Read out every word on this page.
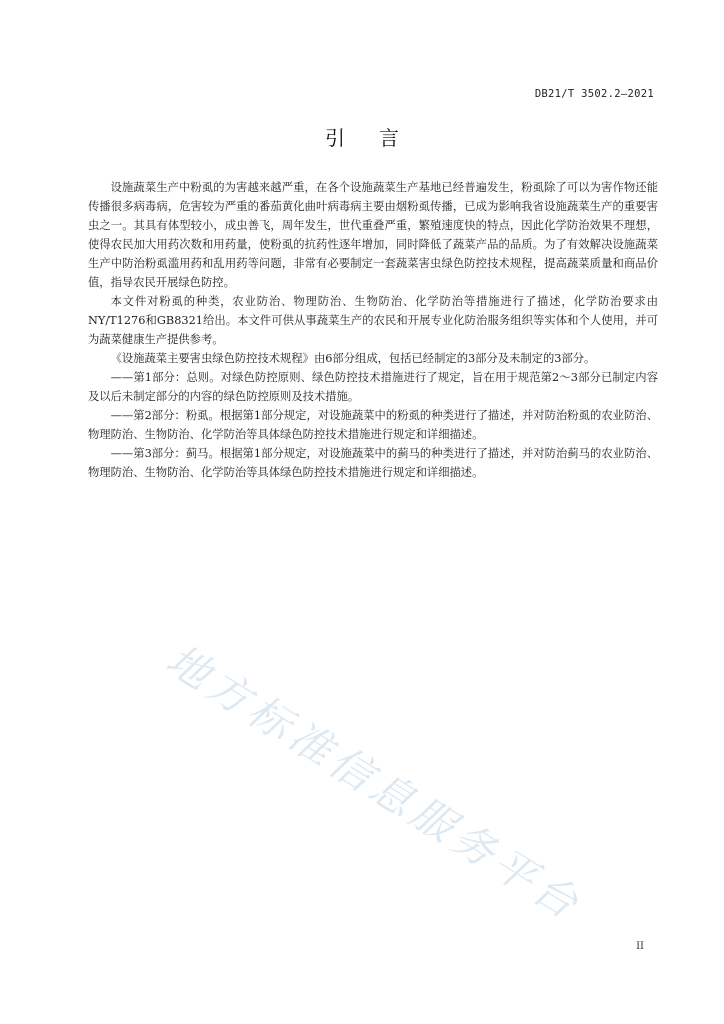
DB21/T 3502.2—2021
引言

设施蔬菜生产中粉虱的为害越来越严重，在各个设施蔬菜生产基地已经普遍发生，粉虱除了可以为害作物还能传播很多病毒病，危害较为严重的番茄黄化曲叶病毒病主要由烟粉虱传播，已成为影响我省设施蔬菜生产的重要害虫之一。其具有体型较小，成虫善飞，周年发生，世代重叠严重，繁殖速度快的特点，因此化学防治效果不理想，使得农民加大用药次数和用药量，使粉虱的抗药性逐年增加，同时降低了蔬菜产品的品质。为了有效解决设施蔬菜生产中防治粉虱滥用药和乱用药等问题，非常有必要制定一套蔬菜害虫绿色防控技术规程，提高蔬菜质量和商品价值，指导农民开展绿色防控。

本文件对粉虱的种类，农业防治、物理防治、生物防治、化学防治等措施进行了描述，化学防治要求由NY/T1276和GB8321给出。本文件可供从事蔬菜生产的农民和开展专业化防治服务组织等实体和个人使用，并可为蔬菜健康生产提供参考。

《设施蔬菜主要害虫绿色防控技术规程》由6部分组成，包括已经制定的3部分及未制定的3部分。

——第1部分：总则。对绿色防控原则、绿色防控技术措施进行了规定，旨在用于规范第2～3部分已制定内容及以后未制定部分的内容的绿色防控原则及技术措施。

——第2部分：粉虱。根据第1部分规定，对设施蔬菜中的粉虱的种类进行了描述，并对防治粉虱的农业防治、物理防治、生物防治、化学防治等具体绿色防控技术措施进行规定和详细描述。

——第3部分：蓟马。根据第1部分规定，对设施蔬菜中的蓟马的种类进行了描述，并对防治蓟马的农业防治、物理防治、生物防治、化学防治等具体绿色防控技术措施进行规定和详细描述。

地方标准信息服务平台
II
